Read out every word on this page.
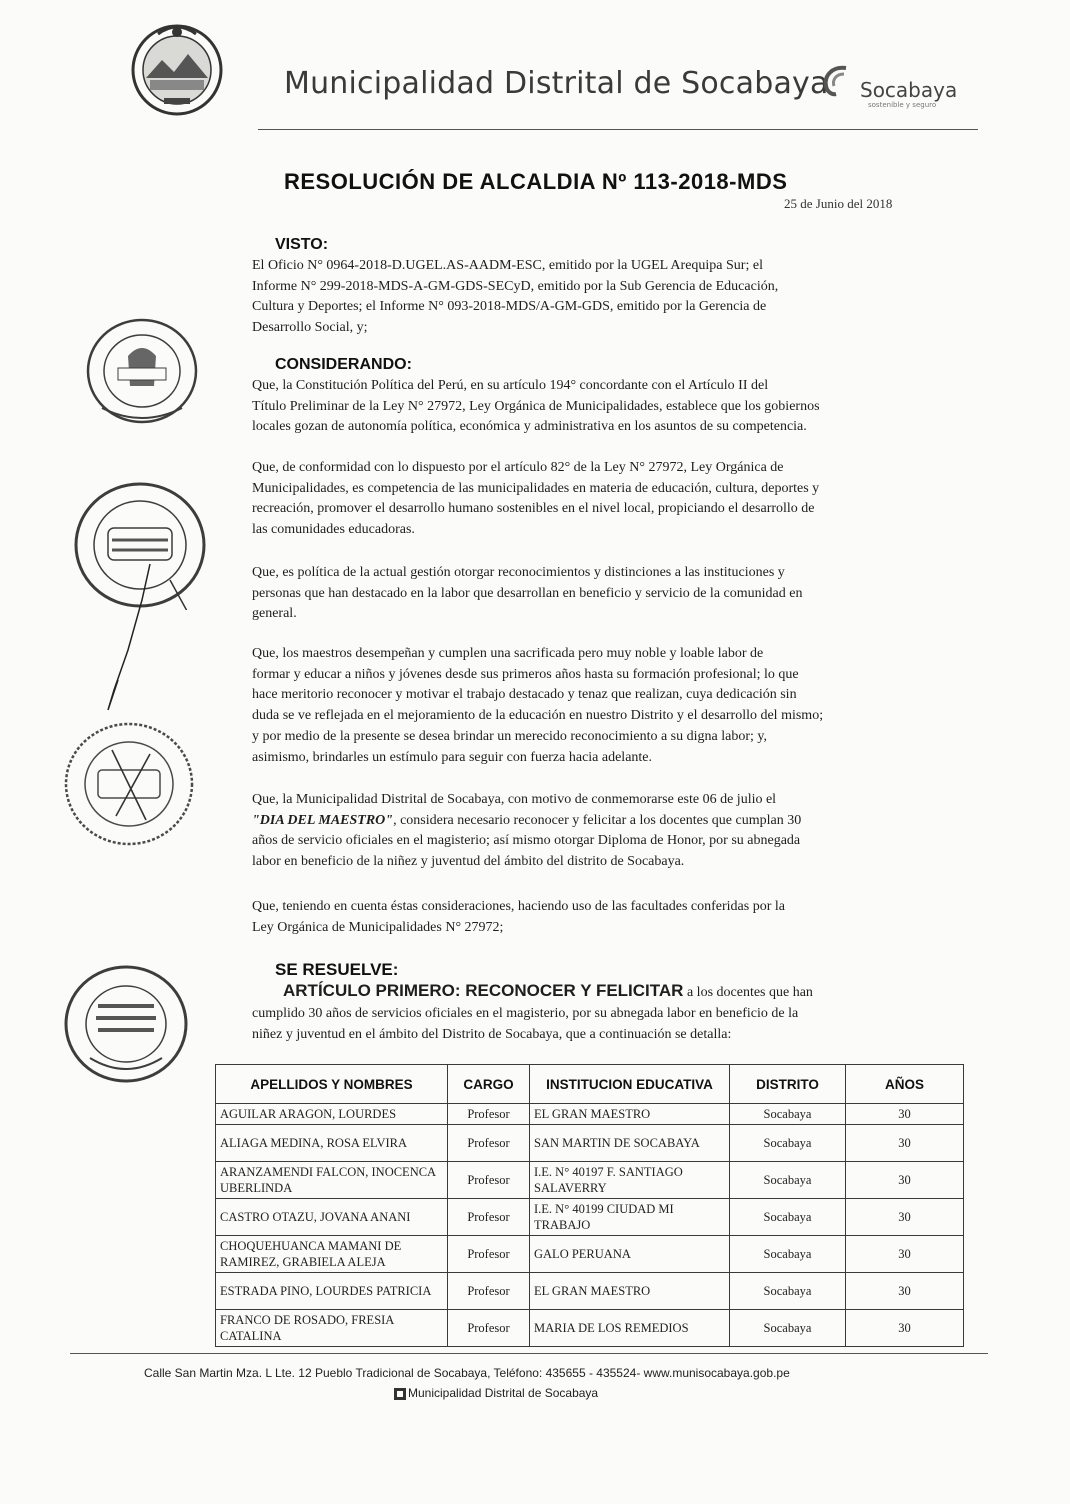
Municipalidad Distrital de Socabaya Socabaya
sostenible y seguro
RESOLUCIÓN DE ALCALDIA Nº 113-2018-MDS
25 de Junio del 2018
VISTO:
El Oficio N° 0964-2018-D.UGEL.AS-AADM-ESC, emitido por la UGEL Arequipa Sur; el
Informe N° 299-2018-MDS-A-GM-GDS-SECyD, emitido por la Sub Gerencia de Educación,
Cultura y Deportes; el Informe N° 093-2018-MDS/A-GM-GDS, emitido por la Gerencia de
Desarrollo Social, y;
CONSIDERANDO:
Que, la Constitución Política del Perú, en su artículo 194° concordante con el Artículo II del
Título Preliminar de la Ley N° 27972, Ley Orgánica de Municipalidades, establece que los gobiernos
locales gozan de autonomía política, económica y administrativa en los asuntos de su competencia.
Que, de conformidad con lo dispuesto por el artículo 82° de la Ley N° 27972, Ley Orgánica de
Municipalidades, es competencia de las municipalidades en materia de educación, cultura, deportes y
recreación, promover el desarrollo humano sostenibles en el nivel local, propiciando el desarrollo de
las comunidades educadoras.
Que, es política de la actual gestión otorgar reconocimientos y distinciones a las instituciones y
personas que han destacado en la labor que desarrollan en beneficio y servicio de la comunidad en
general.
Que, los maestros desempeñan y cumplen una sacrificada pero muy noble y loable labor de
formar y educar a niños y jóvenes desde sus primeros años hasta su formación profesional; lo que
hace meritorio reconocer y motivar el trabajo destacado y tenaz que realizan, cuya dedicación sin
duda se ve reflejada en el mejoramiento de la educación en nuestro Distrito y el desarrollo del mismo;
y por medio de la presente se desea brindar un merecido reconocimiento a su digna labor; y,
asimismo, brindarles un estímulo para seguir con fuerza hacia adelante.
Que, la Municipalidad Distrital de Socabaya, con motivo de conmemorarse este 06 de julio el
"DIA DEL MAESTRO", considera necesario reconocer y felicitar a los docentes que cumplan 30
años de servicio oficiales en el magisterio; así mismo otorgar Diploma de Honor, por su abnegada
labor en beneficio de la niñez y juventud del ámbito del distrito de Socabaya.
Que, teniendo en cuenta éstas consideraciones, haciendo uso de las facultades conferidas por la
Ley Orgánica de Municipalidades N° 27972;
SE RESUELVE:
ARTÍCULO PRIMERO: RECONOCER Y FELICITAR a los docentes que han
cumplido 30 años de servicios oficiales en el magisterio, por su abnegada labor en beneficio de la
niñez y juventud en el ámbito del Distrito de Socabaya, que a continuación se detalla:
APELLIDOS Y NOMBRES	CARGO	INSTITUCION EDUCATIVA	DISTRITO	AÑOS
AGUILAR ARAGON, LOURDES	Profesor	EL GRAN MAESTRO	Socabaya	30
ALIAGA MEDINA, ROSA ELVIRA	Profesor	SAN MARTIN DE SOCABAYA	Socabaya	30
ARANZAMENDI FALCON, INOCENCA UBERLINDA	Profesor	I.E. N° 40197 F. SANTIAGO SALAVERRY	Socabaya	30
CASTRO OTAZU, JOVANA ANANI	Profesor	I.E. N° 40199 CIUDAD MI TRABAJO	Socabaya	30
CHOQUEHUANCA MAMANI DE RAMIREZ, GRABIELA ALEJA	Profesor	GALO PERUANA	Socabaya	30
ESTRADA PINO, LOURDES PATRICIA	Profesor	EL GRAN MAESTRO	Socabaya	30
FRANCO DE ROSADO, FRESIA CATALINA	Profesor	MARIA DE LOS REMEDIOS	Socabaya	30
Calle San Martin Mza. L Lte. 12 Pueblo Tradicional de Socabaya, Teléfono: 435655 - 435524- www.munisocabaya.gob.pe
Municipalidad Distrital de Socabaya
